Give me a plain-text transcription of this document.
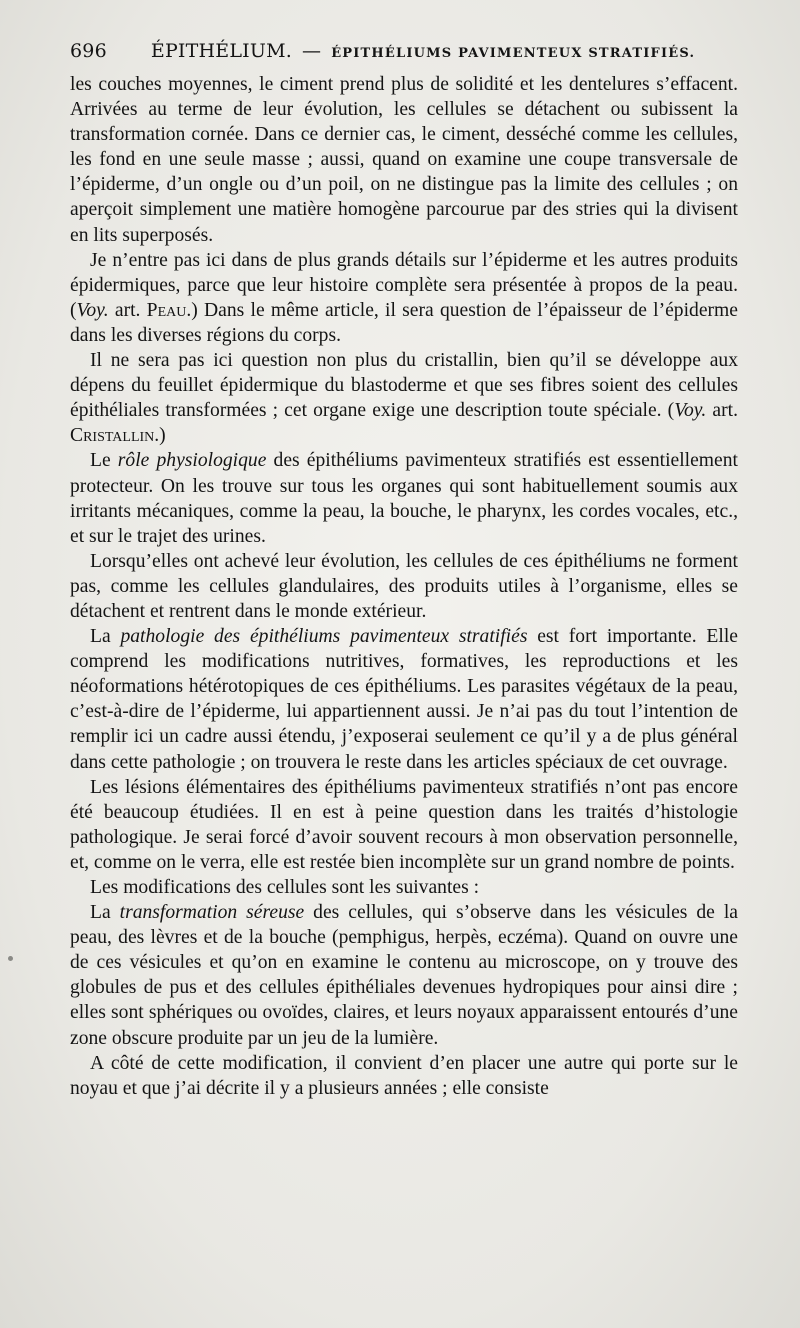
696 ÉPITHÉLIUM. — ÉPITHÉLIUMS PAVIMENTEUX STRATIFIÉS.

les couches moyennes, le ciment prend plus de solidité et les dentelures s’effacent. Arrivées au terme de leur évolution, les cellules se détachent ou subissent la transformation cornée. Dans ce dernier cas, le ciment, desséché comme les cellules, les fond en une seule masse ; aussi, quand on examine une coupe transversale de l’épiderme, d’un ongle ou d’un poil, on ne distingue pas la limite des cellules ; on aperçoit simplement une matière homogène parcourue par des stries qui la divisent en lits superposés.

Je n’entre pas ici dans de plus grands détails sur l’épiderme et les autres produits épidermiques, parce que leur histoire complète sera présentée à propos de la peau. (Voy. art. Peau.) Dans le même article, il sera question de l’épaisseur de l’épiderme dans les diverses régions du corps.

Il ne sera pas ici question non plus du cristallin, bien qu’il se développe aux dépens du feuillet épidermique du blastoderme et que ses fibres soient des cellules épithéliales transformées ; cet organe exige une description toute spéciale. (Voy. art. Cristallin.)

Le rôle physiologique des épithéliums pavimenteux stratifiés est essentiellement protecteur. On les trouve sur tous les organes qui sont habituellement soumis aux irritants mécaniques, comme la peau, la bouche, le pharynx, les cordes vocales, etc., et sur le trajet des urines.

Lorsqu’elles ont achevé leur évolution, les cellules de ces épithéliums ne forment pas, comme les cellules glandulaires, des produits utiles à l’organisme, elles se détachent et rentrent dans le monde extérieur.

La pathologie des épithéliums pavimenteux stratifiés est fort importante. Elle comprend les modifications nutritives, formatives, les reproductions et les néoformations hétérotopiques de ces épithéliums. Les parasites végétaux de la peau, c’est-à-dire de l’épiderme, lui appartiennent aussi. Je n’ai pas du tout l’intention de remplir ici un cadre aussi étendu, j’exposerai seulement ce qu’il y a de plus général dans cette pathologie ; on trouvera le reste dans les articles spéciaux de cet ouvrage.

Les lésions élémentaires des épithéliums pavimenteux stratifiés n’ont pas encore été beaucoup étudiées. Il en est à peine question dans les traités d’histologie pathologique. Je serai forcé d’avoir souvent recours à mon observation personnelle, et, comme on le verra, elle est restée bien incomplète sur un grand nombre de points.

Les modifications des cellules sont les suivantes :

La transformation séreuse des cellules, qui s’observe dans les vésicules de la peau, des lèvres et de la bouche (pemphigus, herpès, eczéma). Quand on ouvre une de ces vésicules et qu’on en examine le contenu au microscope, on y trouve des globules de pus et des cellules épithéliales devenues hydropiques pour ainsi dire ; elles sont sphériques ou ovoïdes, claires, et leurs noyaux apparaissent entourés d’une zone obscure produite par un jeu de la lumière.

A côté de cette modification, il convient d’en placer une autre qui porte sur le noyau et que j’ai décrite il y a plusieurs années ; elle consiste
